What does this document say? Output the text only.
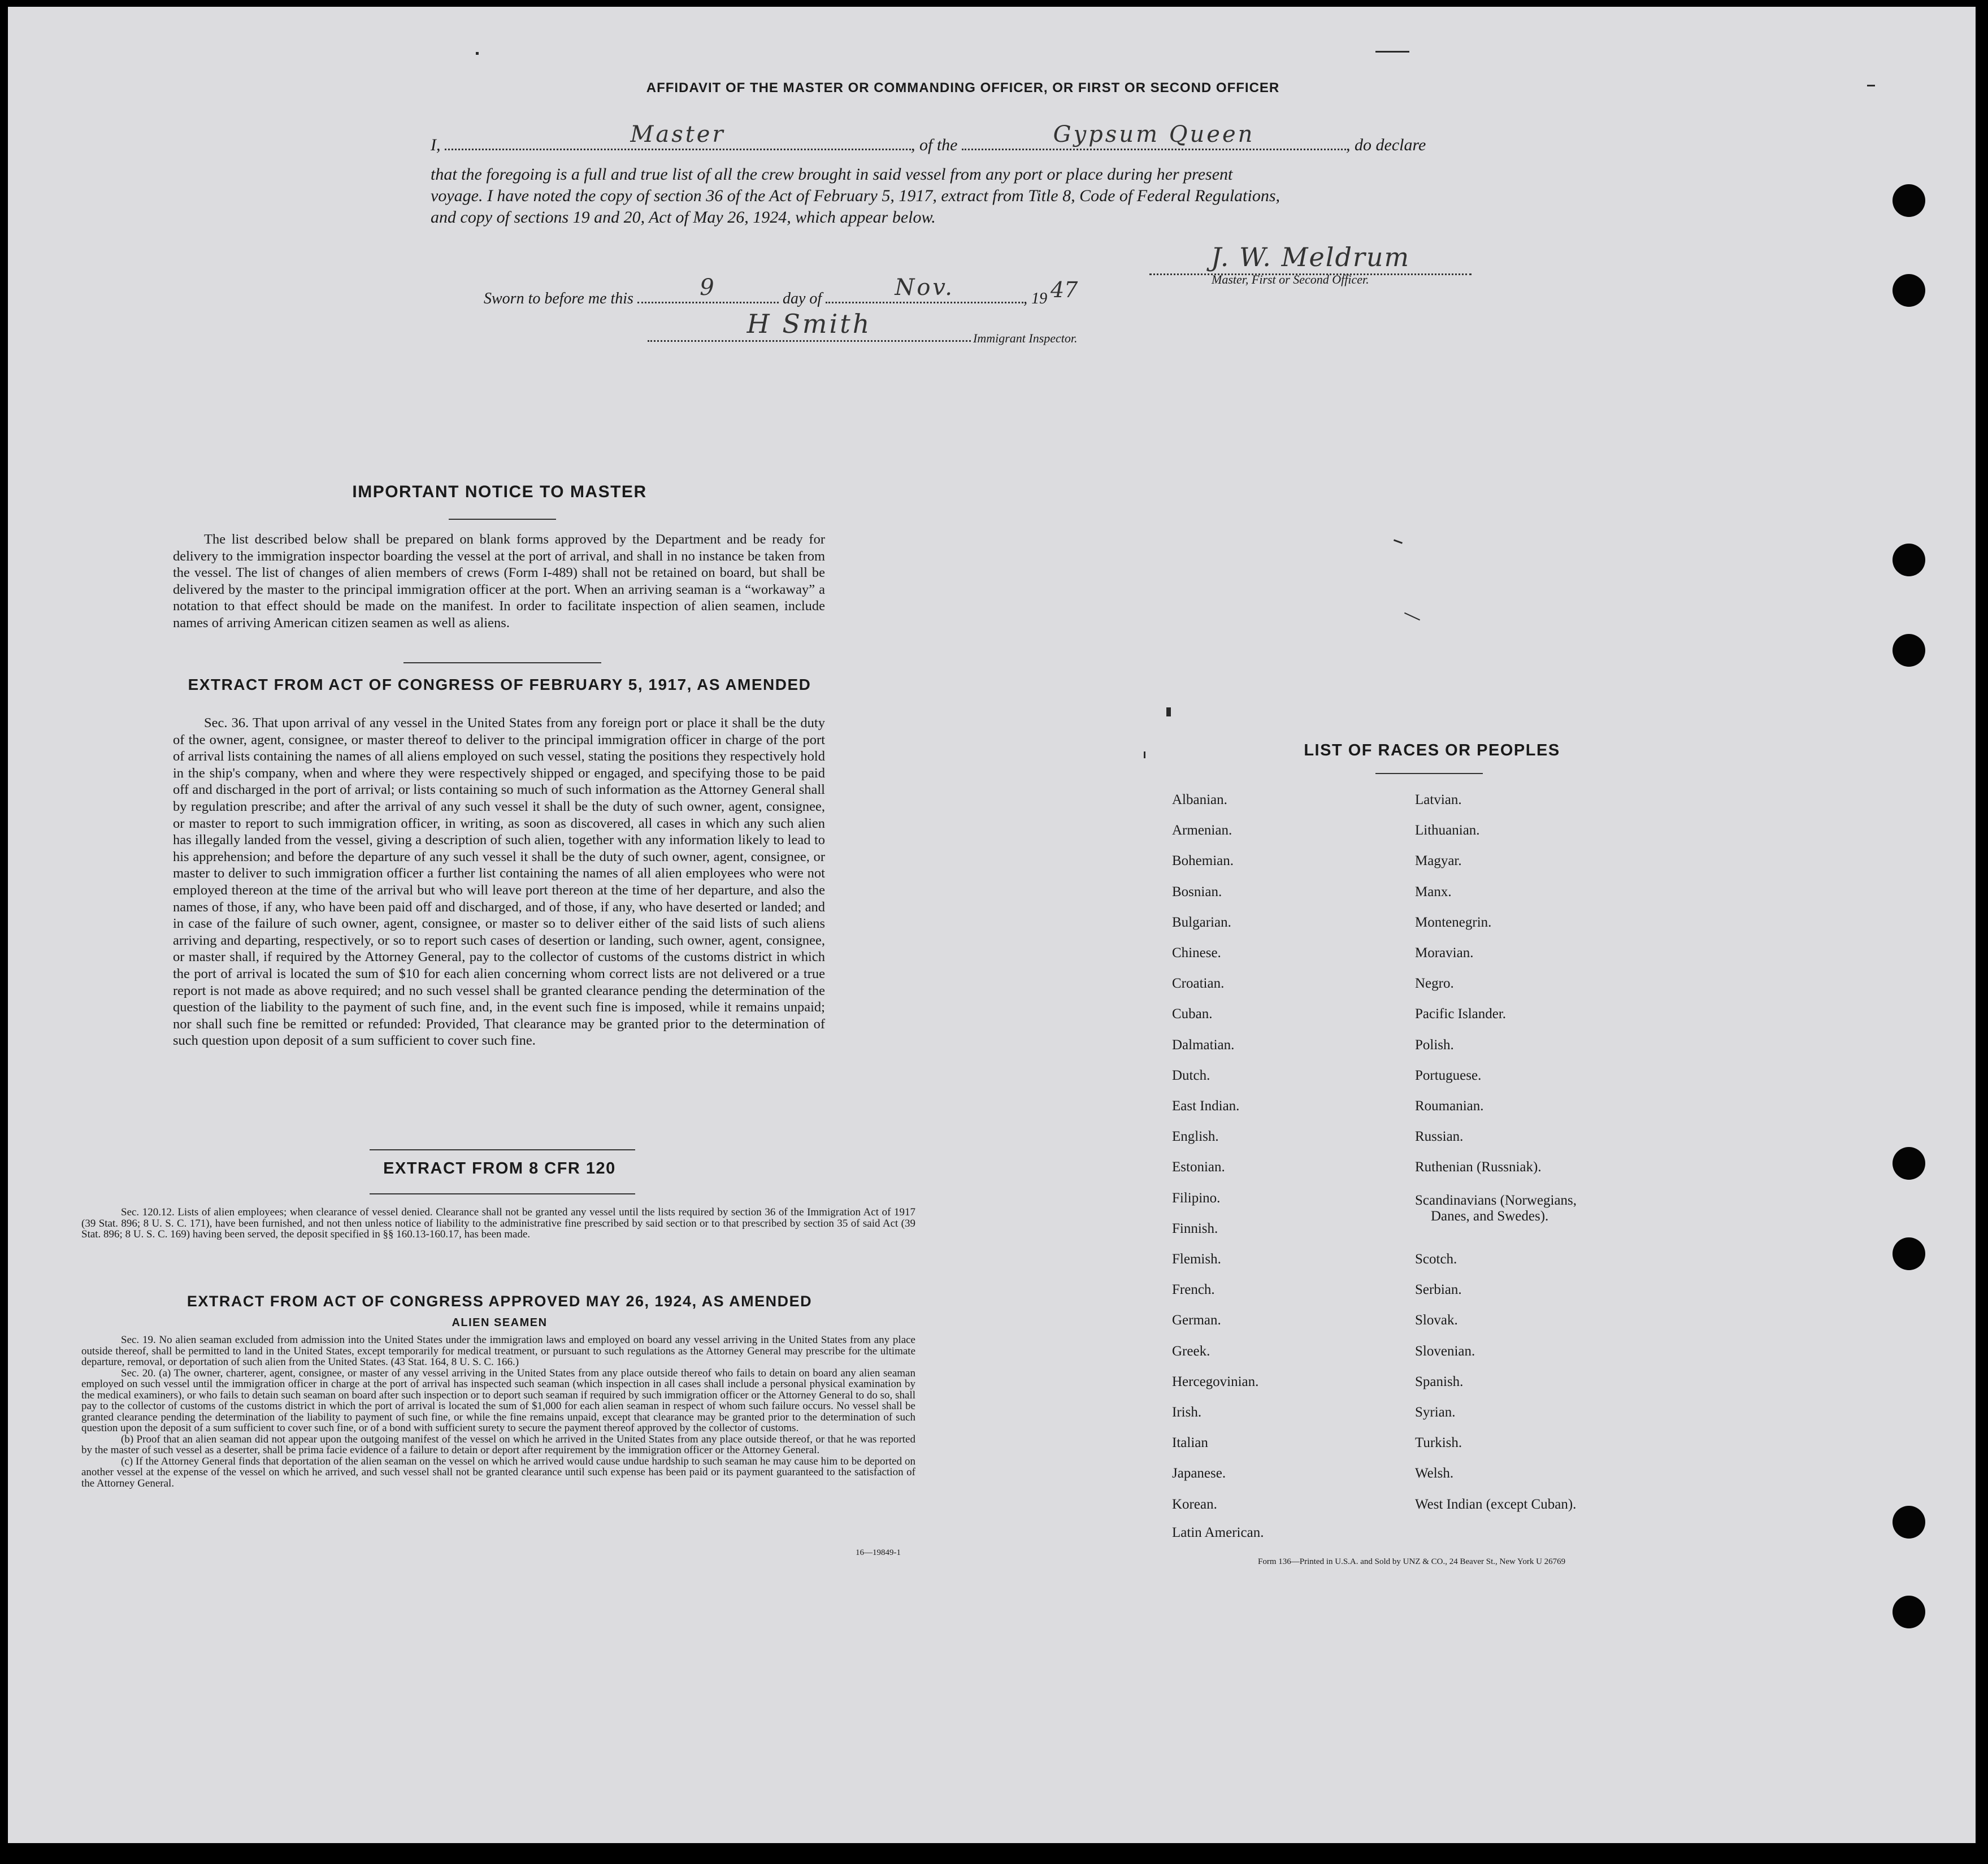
AFFIDAVIT OF THE MASTER OR COMMANDING OFFICER, OR FIRST OR SECOND OFFICER
I,	Master	, of the	Gypsum Queen	, do declare
that the foregoing is a full and true list of all the crew brought in said vessel from any port or place during her present
voyage. I have noted the copy of section 36 of the Act of February 5, 1917, extract from Title 8, Code of Federal Regulations,
and copy of sections 19 and 20, Act of May 26, 1924, which appear below.
J. W. Meldrum
Master, First or Second Officer.
Sworn to before me this	9	day of	Nov.	, 19 47
H Smith	Immigrant Inspector.
IMPORTANT NOTICE TO MASTER
The list described below shall be prepared on blank forms approved by the Department and be ready for delivery to the immigration inspector boarding the vessel at the port of arrival, and shall in no instance be taken from the vessel. The list of changes of alien members of crews (Form I-489) shall not be retained on board, but shall be delivered by the master to the principal immigration officer at the port. When an arriving seaman is a “workaway” a notation to that effect should be made on the manifest. In order to facilitate inspection of alien seamen, include names of arriving American citizen seamen as well as aliens.
EXTRACT FROM ACT OF CONGRESS OF FEBRUARY 5, 1917, AS AMENDED
Sec. 36. That upon arrival of any vessel in the United States from any foreign port or place it shall be the duty of the owner, agent, consignee, or master thereof to deliver to the principal immigration officer in charge of the port of arrival lists containing the names of all aliens employed on such vessel, stating the positions they respectively hold in the ship's company, when and where they were respectively shipped or engaged, and specifying those to be paid off and discharged in the port of arrival; or lists containing so much of such information as the Attorney General shall by regulation prescribe; and after the arrival of any such vessel it shall be the duty of such owner, agent, consignee, or master to report to such immigration officer, in writing, as soon as discovered, all cases in which any such alien has illegally landed from the vessel, giving a description of such alien, together with any information likely to lead to his apprehension; and before the departure of any such vessel it shall be the duty of such owner, agent, consignee, or master to deliver to such immigration officer a further list containing the names of all alien employees who were not employed thereon at the time of the arrival but who will leave port thereon at the time of her departure, and also the names of those, if any, who have been paid off and discharged, and of those, if any, who have deserted or landed; and in case of the failure of such owner, agent, consignee, or master so to deliver either of the said lists of such aliens arriving and departing, respectively, or so to report such cases of desertion or landing, such owner, agent, consignee, or master shall, if required by the Attorney General, pay to the collector of customs of the customs district in which the port of arrival is located the sum of $10 for each alien concerning whom correct lists are not delivered or a true report is not made as above required; and no such vessel shall be granted clearance pending the determination of the question of the liability to the payment of such fine, and, in the event such fine is imposed, while it remains unpaid; nor shall such fine be remitted or refunded: Provided, That clearance may be granted prior to the determination of such question upon deposit of a sum sufficient to cover such fine.
EXTRACT FROM 8 CFR 120
Sec. 120.12. Lists of alien employees; when clearance of vessel denied. Clearance shall not be granted any vessel until the lists required by section 36 of the Immigration Act of 1917 (39 Stat. 896; 8 U. S. C. 171), have been furnished, and not then unless notice of liability to the administrative fine prescribed by said section or to that prescribed by section 35 of said Act (39 Stat. 896; 8 U. S. C. 169) having been served, the deposit specified in §§ 160.13-160.17, has been made.
EXTRACT FROM ACT OF CONGRESS APPROVED MAY 26, 1924, AS AMENDED
ALIEN SEAMEN

Sec. 19. No alien seaman excluded from admission into the United States under the immigration laws and employed on board any vessel arriving in the United States from any place outside thereof, shall be permitted to land in the United States, except temporarily for medical treatment, or pursuant to such regulations as the Attorney General may prescribe for the ultimate departure, removal, or deportation of such alien from the United States. (43 Stat. 164, 8 U. S. C. 166.)

Sec. 20. (a) The owner, charterer, agent, consignee, or master of any vessel arriving in the United States from any place outside thereof who fails to detain on board any alien seaman employed on such vessel until the immigration officer in charge at the port of arrival has inspected such seaman (which inspection in all cases shall include a personal physical examination by the medical examiners), or who fails to detain such seaman on board after such inspection or to deport such seaman if required by such immigration officer or the Attorney General to do so, shall pay to the collector of customs of the customs district in which the port of arrival is located the sum of $1,000 for each alien seaman in respect of whom such failure occurs. No vessel shall be granted clearance pending the determination of the liability to payment of such fine, or while the fine remains unpaid, except that clearance may be granted prior to the determination of such question upon the deposit of a sum sufficient to cover such fine, or of a bond with sufficient surety to secure the payment thereof approved by the collector of customs.

(b) Proof that an alien seaman did not appear upon the outgoing manifest of the vessel on which he arrived in the United States from any place outside thereof, or that he was reported by the master of such vessel as a deserter, shall be prima facie evidence of a failure to detain or deport after requirement by the immigration officer or the Attorney General.

(c) If the Attorney General finds that deportation of the alien seaman on the vessel on which he arrived would cause undue hardship to such seaman he may cause him to be deported on another vessel at the expense of the vessel on which he arrived, and such vessel shall not be granted clearance until such expense has been paid or its payment guaranteed to the satisfaction of the Attorney General.

16—19849-1
LIST OF RACES OR PEOPLES
Albanian.
Armenian.
Bohemian.
Bosnian.
Bulgarian.
Chinese.
Croatian.
Cuban.
Dalmatian.
Dutch.
East Indian.
English.
Estonian.
Filipino.
Finnish.
Flemish.
French.
German.
Greek.
Hercegovinian.
Irish.
Italian
Japanese.
Korean.
Latin American.
Latvian.
Lithuanian.
Magyar.
Manx.
Montenegrin.
Moravian.
Negro.
Pacific Islander.
Polish.
Portuguese.
Roumanian.
Russian.
Ruthenian (Russniak).
Scandinavians (Norwegians,
Danes, and Swedes).
Scotch.
Serbian.
Slovak.
Slovenian.
Spanish.
Syrian.
Turkish.
Welsh.
West Indian (except Cuban).
Form 136—Printed in U.S.A. and Sold by UNZ & CO., 24 Beaver St., New York U 26769
